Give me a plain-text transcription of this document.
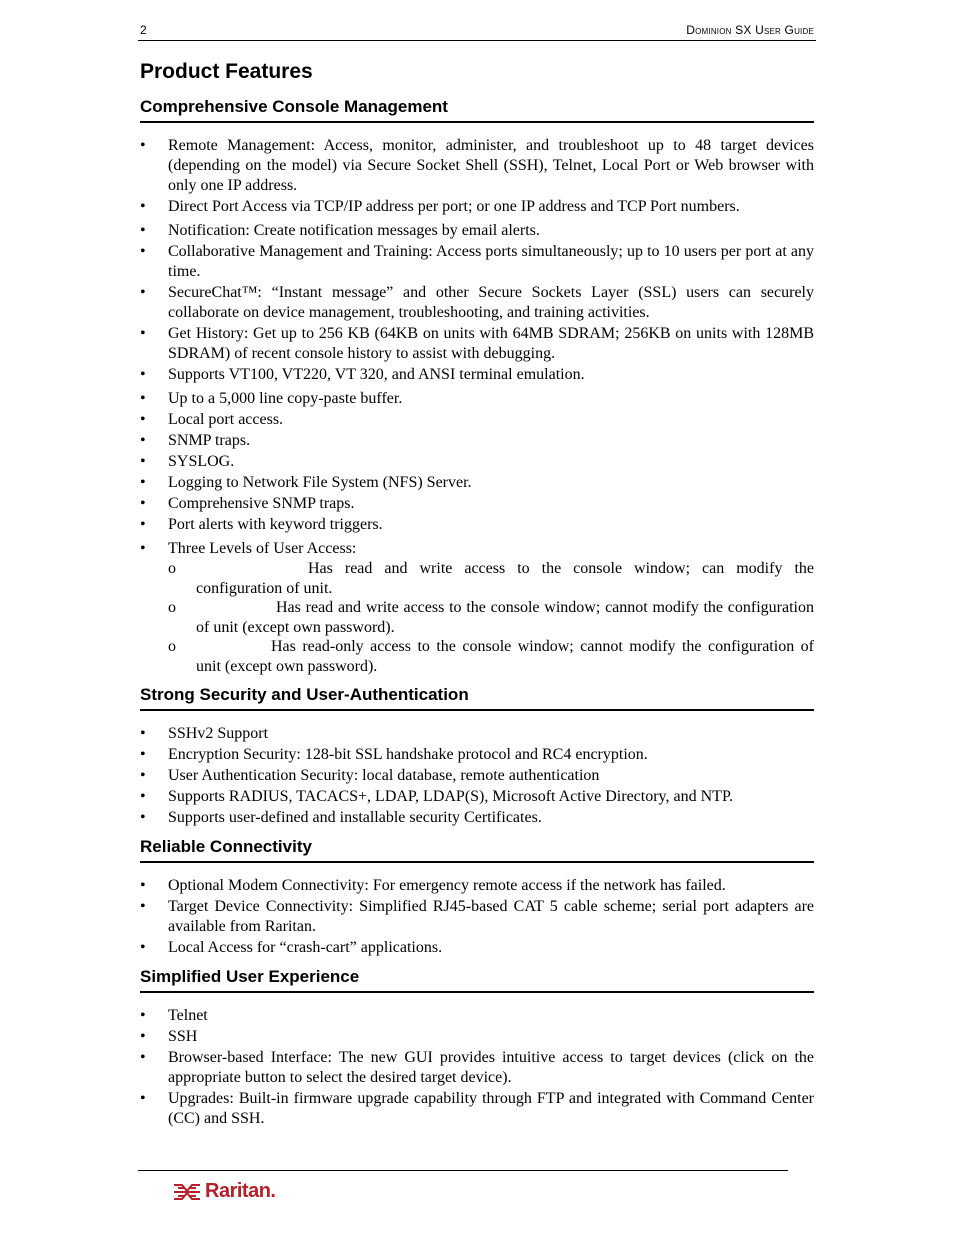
2	Dominion SX User Guide
Product Features
Comprehensive Console Management
• Remote Management: Access, monitor, administer, and troubleshoot up to 48 target devices (depending on the model) via Secure Socket Shell (SSH), Telnet, Local Port or Web browser with only one IP address.
• Direct Port Access via TCP/IP address per port; or one IP address and TCP Port numbers.
• Notification: Create notification messages by email alerts.
• Collaborative Management and Training: Access ports simultaneously; up to 10 users per port at any time.
• SecureChat™: “Instant message” and other Secure Sockets Layer (SSL) users can securely collaborate on device management, troubleshooting, and training activities.
• Get History: Get up to 256 KB (64KB on units with 64MB SDRAM; 256KB on units with 128MB SDRAM) of recent console history to assist with debugging.
• Supports VT100, VT220, VT 320, and ANSI terminal emulation.
• Up to a 5,000 line copy-paste buffer.
• Local port access.
• SNMP traps.
• SYSLOG.
• Logging to Network File System (NFS) Server.
• Comprehensive SNMP traps.
• Port alerts with keyword triggers.
• Three Levels of User Access:
o Has read and write access to the console window; can modify the configuration of unit.
o Has read and write access to the console window; cannot modify the configuration of unit (except own password).
o Has read-only access to the console window; cannot modify the configuration of unit (except own password).
Strong Security and User-Authentication
• SSHv2 Support
• Encryption Security: 128-bit SSL handshake protocol and RC4 encryption.
• User Authentication Security: local database, remote authentication
• Supports RADIUS, TACACS+, LDAP, LDAP(S), Microsoft Active Directory, and NTP.
• Supports user-defined and installable security Certificates.
Reliable Connectivity
• Optional Modem Connectivity: For emergency remote access if the network has failed.
• Target Device Connectivity: Simplified RJ45-based CAT 5 cable scheme; serial port adapters are available from Raritan.
• Local Access for “crash-cart” applications.
Simplified User Experience
• Telnet
• SSH
• Browser-based Interface: The new GUI provides intuitive access to target devices (click on the appropriate button to select the desired target device).
• Upgrades: Built-in firmware upgrade capability through FTP and integrated with Command Center (CC) and SSH.
Raritan.
